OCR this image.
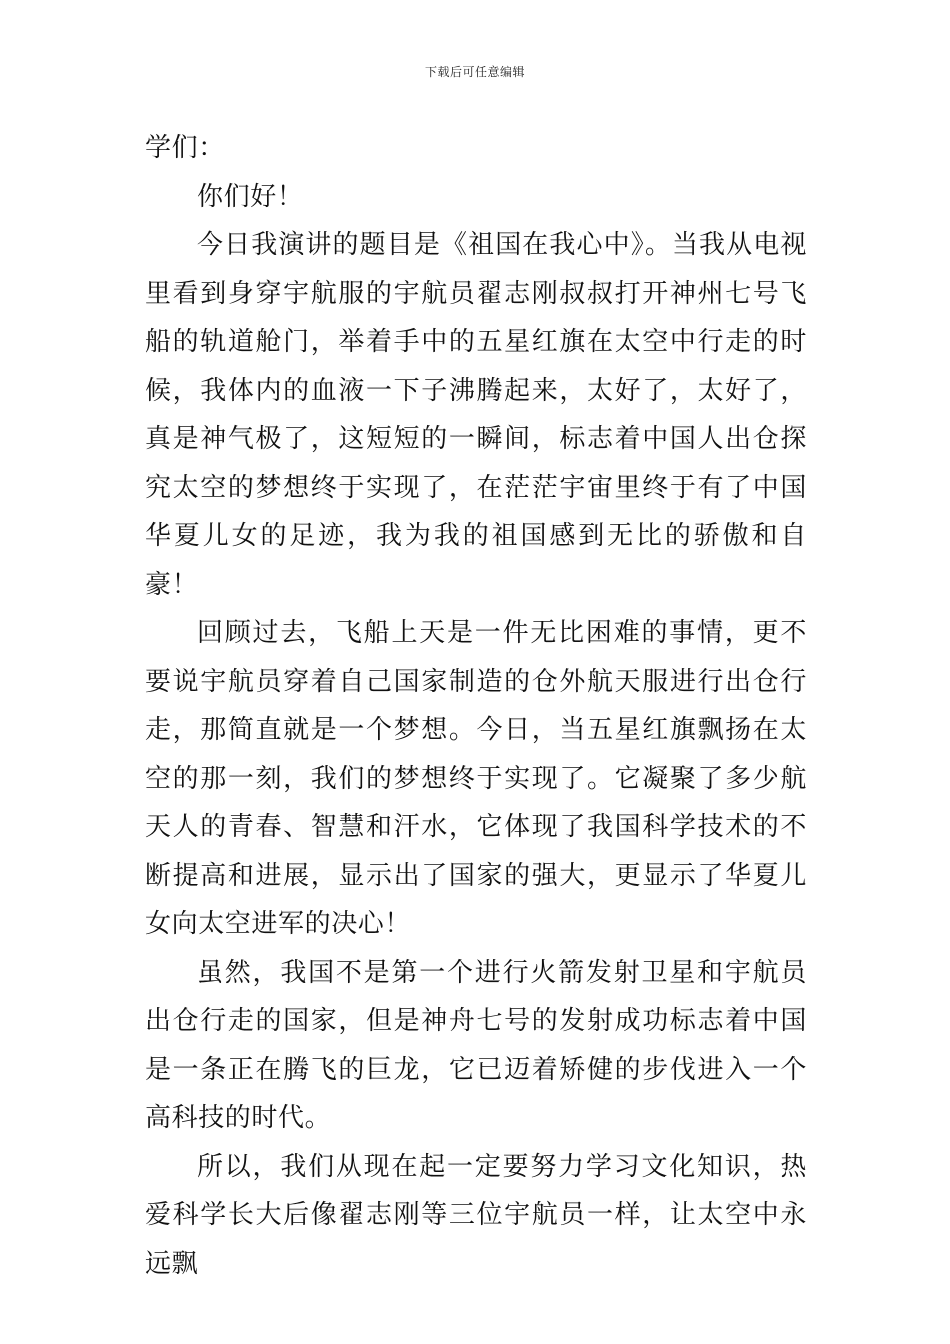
下载后可任意编辑

学们：

你们好！

今日我演讲的题目是《祖国在我心中》。当我从电视里看到身穿宇航服的宇航员翟志刚叔叔打开神州七号飞船的轨道舱门，举着手中的五星红旗在太空中行走的时候，我体内的血液一下子沸腾起来，太好了，太好了，真是神气极了，这短短的一瞬间，标志着中国人出仓探究太空的梦想终于实现了，在茫茫宇宙里终于有了中国华夏儿女的足迹，我为我的祖国感到无比的骄傲和自豪！

回顾过去，飞船上天是一件无比困难的事情，更不要说宇航员穿着自己国家制造的仓外航天服进行出仓行走，那简直就是一个梦想。今日，当五星红旗飘扬在太空的那一刻，我们的梦想终于实现了。它凝聚了多少航天人的青春、智慧和汗水，它体现了我国科学技术的不断提高和进展，显示出了国家的强大，更显示了华夏儿女向太空进军的决心！

虽然，我国不是第一个进行火箭发射卫星和宇航员出仓行走的国家，但是神舟七号的发射成功标志着中国是一条正在腾飞的巨龙，它已迈着矫健的步伐进入一个高科技的时代。

所以，我们从现在起一定要努力学习文化知识，热爱科学长大后像翟志刚等三位宇航员一样，让太空中永远飘
